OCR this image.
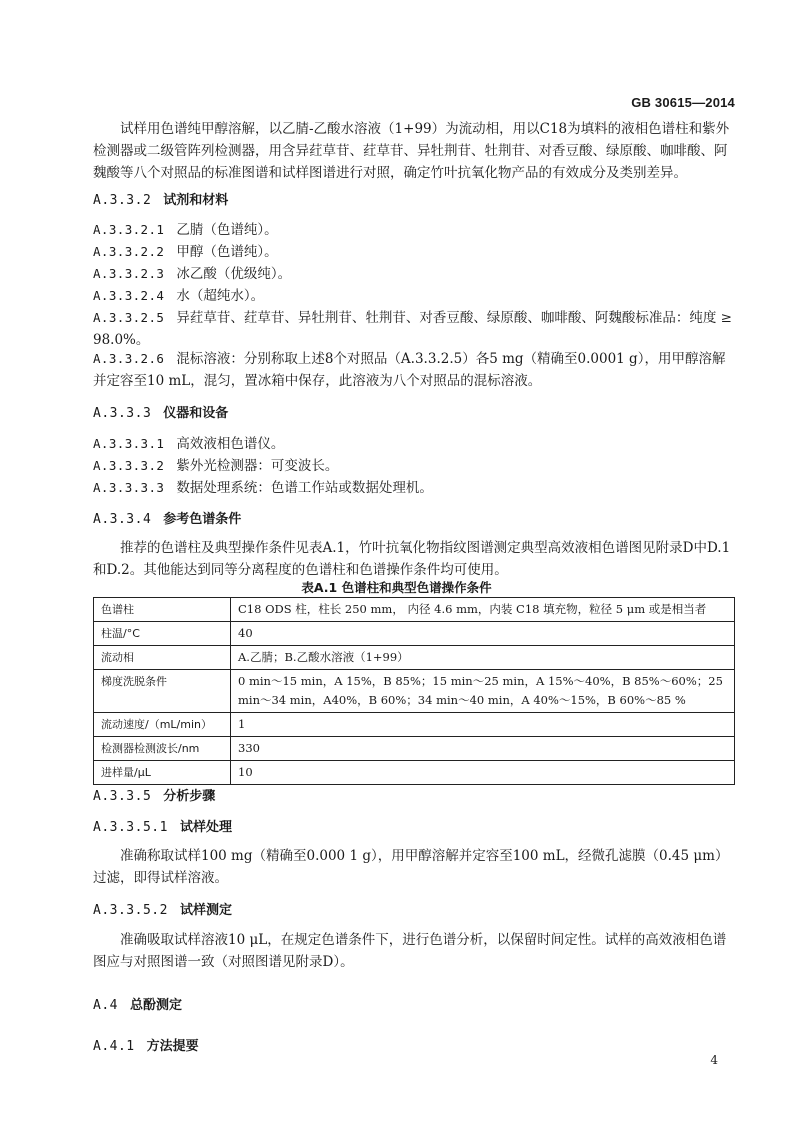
GB 30615—2014
试样用色谱纯甲醇溶解，以乙腈-乙酸水溶液（1+99）为流动相，用以C18为填料的液相色谱柱和紫外检测器或二级管阵列检测器，用含异荭草苷、荭草苷、异牡荆苷、牡荆苷、对香豆酸、绿原酸、咖啡酸、阿魏酸等八个对照品的标准图谱和试样图谱进行对照，确定竹叶抗氧化物产品的有效成分及类别差异。
A.3.3.2 试剂和材料
A.3.3.2.1 乙腈（色谱纯）。
A.3.3.2.2 甲醇（色谱纯）。
A.3.3.2.3 冰乙酸（优级纯）。
A.3.3.2.4 水（超纯水）。
A.3.3.2.5 异荭草苷、荭草苷、异牡荆苷、牡荆苷、对香豆酸、绿原酸、咖啡酸、阿魏酸标准品：纯度 ≥ 98.0%。
A.3.3.2.6 混标溶液：分别称取上述8个对照品（A.3.3.2.5）各5 mg（精确至0.0001 g），用甲醇溶解并定容至10 mL，混匀，置冰箱中保存，此溶液为八个对照品的混标溶液。
A.3.3.3 仪器和设备
A.3.3.3.1 高效液相色谱仪。
A.3.3.3.2 紫外光检测器：可变波长。
A.3.3.3.3 数据处理系统：色谱工作站或数据处理机。
A.3.3.4 参考色谱条件
推荐的色谱柱及典型操作条件见表A.1，竹叶抗氧化物指纹图谱测定典型高效液相色谱图见附录D中D.1 和D.2。其他能达到同等分离程度的色谱柱和色谱操作条件均可使用。
表A.1 色谱柱和典型色谱操作条件
色谱柱	C18 ODS 柱，柱长 250 mm， 内径 4.6 mm，内装 C18 填充物，粒径 5 μm 或是相当者
柱温/°C	40
流动相	A.乙腈；B.乙酸水溶液（1+99）
梯度洗脱条件	0 min～15 min，A 15%，B 85%；15 min～25 min，A 15%～40%，B 85%～60%；25 min～34 min，A40%，B 60%；34 min～40 min，A 40%～15%，B 60%～85 %
流动速度/（mL/min）	1
检测器检测波长/nm	330
进样量/μL	10
A.3.3.5 分析步骤
A.3.3.5.1 试样处理
准确称取试样100 mg（精确至0.000 1 g），用甲醇溶解并定容至100 mL，经微孔滤膜（0.45 μm）过滤，即得试样溶液。
A.3.3.5.2 试样测定
准确吸取试样溶液10 μL，在规定色谱条件下，进行色谱分析，以保留时间定性。试样的高效液相色谱图应与对照图谱一致（对照图谱见附录D）。
A.4 总酚测定
A.4.1 方法提要
4
